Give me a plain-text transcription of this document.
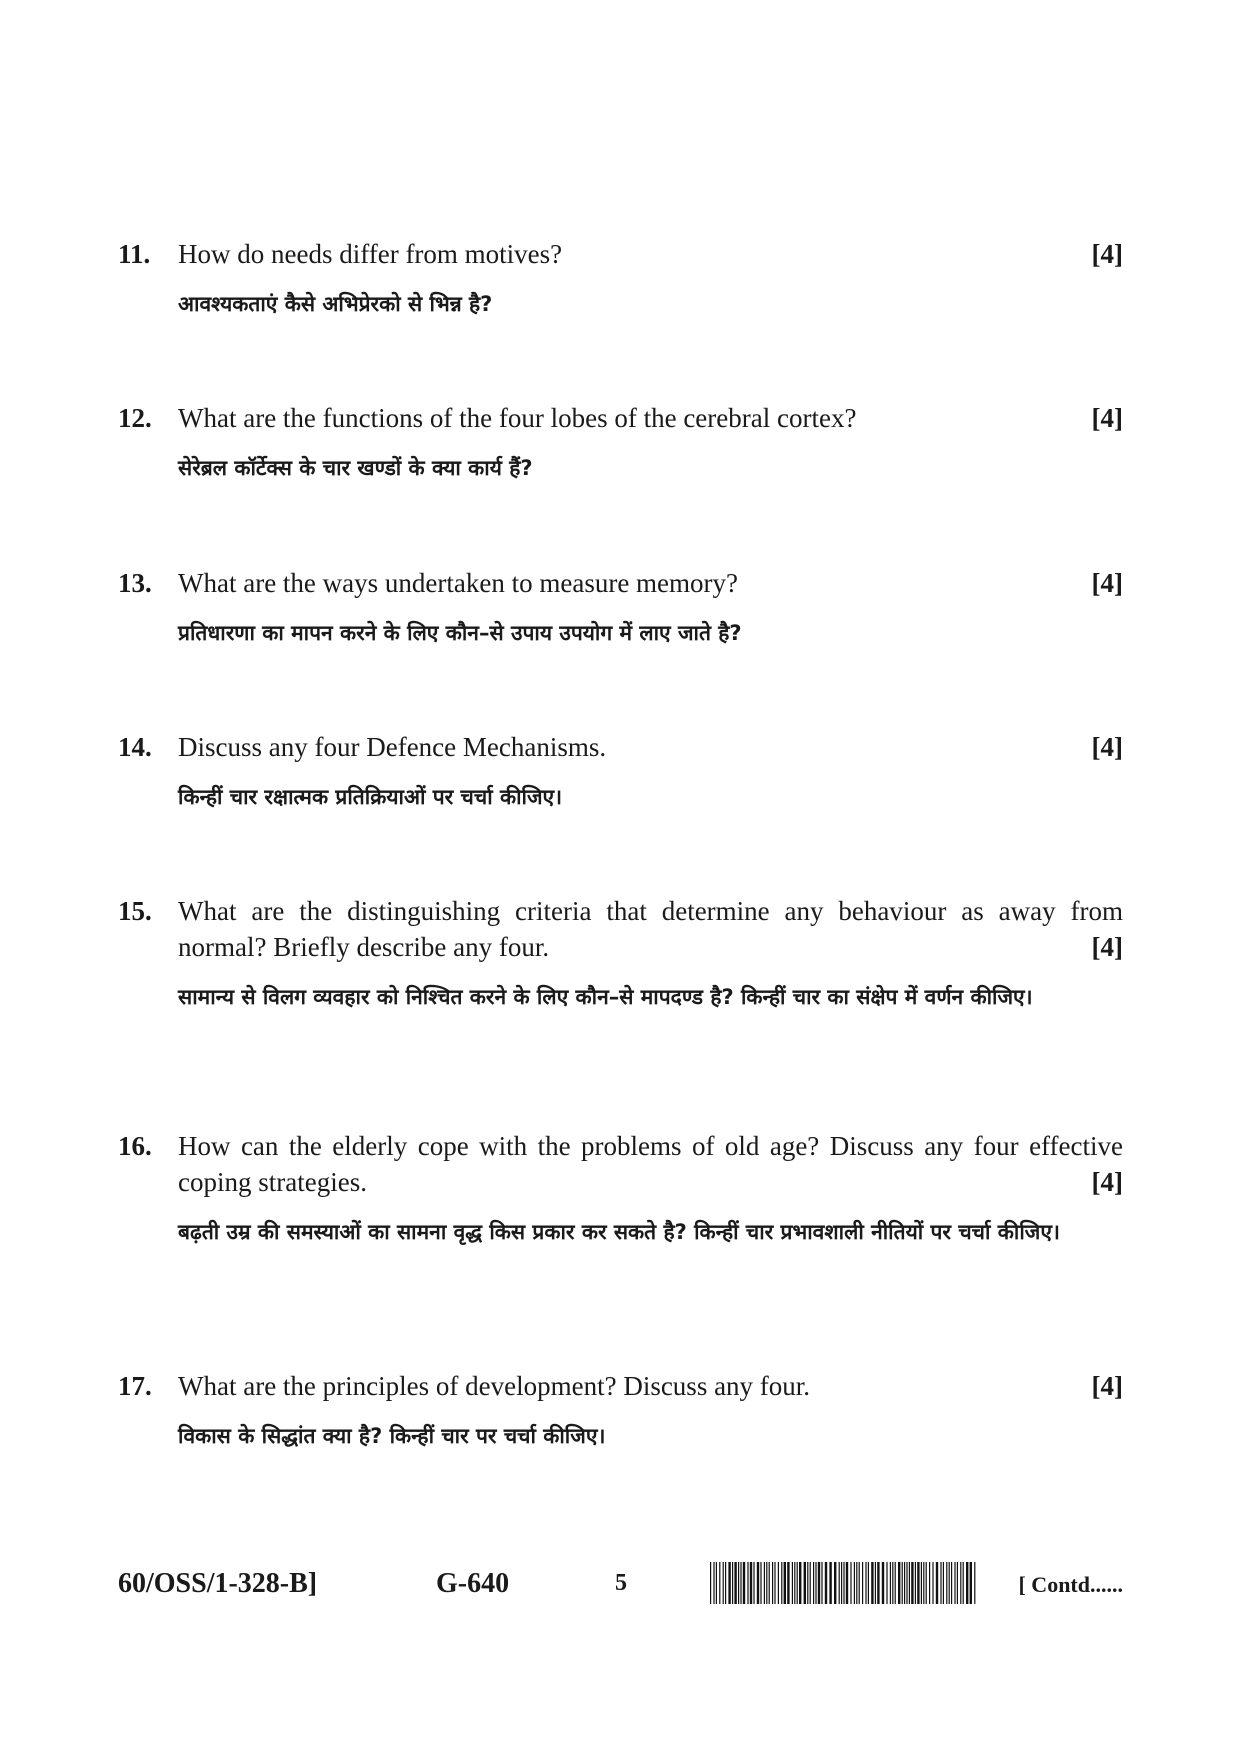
11. How do needs differ from motives?	[4]
आवश्यकताएं कैसे अभिप्रेरको से भिन्न है?
12. What are the functions of the four lobes of the cerebral cortex?	[4]
सेरेब्रल कॉर्टेक्स के चार खण्डों के क्या कार्य हैं?
13. What are the ways undertaken to measure memory?	[4]
प्रतिधारणा का मापन करने के लिए कौन–से उपाय उपयोग में लाए जाते है?
14. Discuss any four Defence Mechanisms.	[4]
किन्हीं चार रक्षात्मक प्रतिक्रियाओं पर चर्चा कीजिए।
15. What are the distinguishing criteria that determine any behaviour as away from
normal? Briefly describe any four.	[4]
सामान्य से विलग व्यवहार को निश्चित करने के लिए कौन–से मापदण्ड है? किन्हीं चार का संक्षेप में वर्णन कीजिए।
16. How can the elderly cope with the problems of old age? Discuss any four effective
coping strategies.	[4]
बढ़ती उम्र की समस्याओं का सामना वृद्ध किस प्रकार कर सकते है? किन्हीं चार प्रभावशाली नीतियों पर चर्चा कीजिए।
17. What are the principles of development? Discuss any four.	[4]
विकास के सिद्धांत क्या है? किन्हीं चार पर चर्चा कीजिए।
60/OSS/1-328-B]	G-640	5	[ Contd......
